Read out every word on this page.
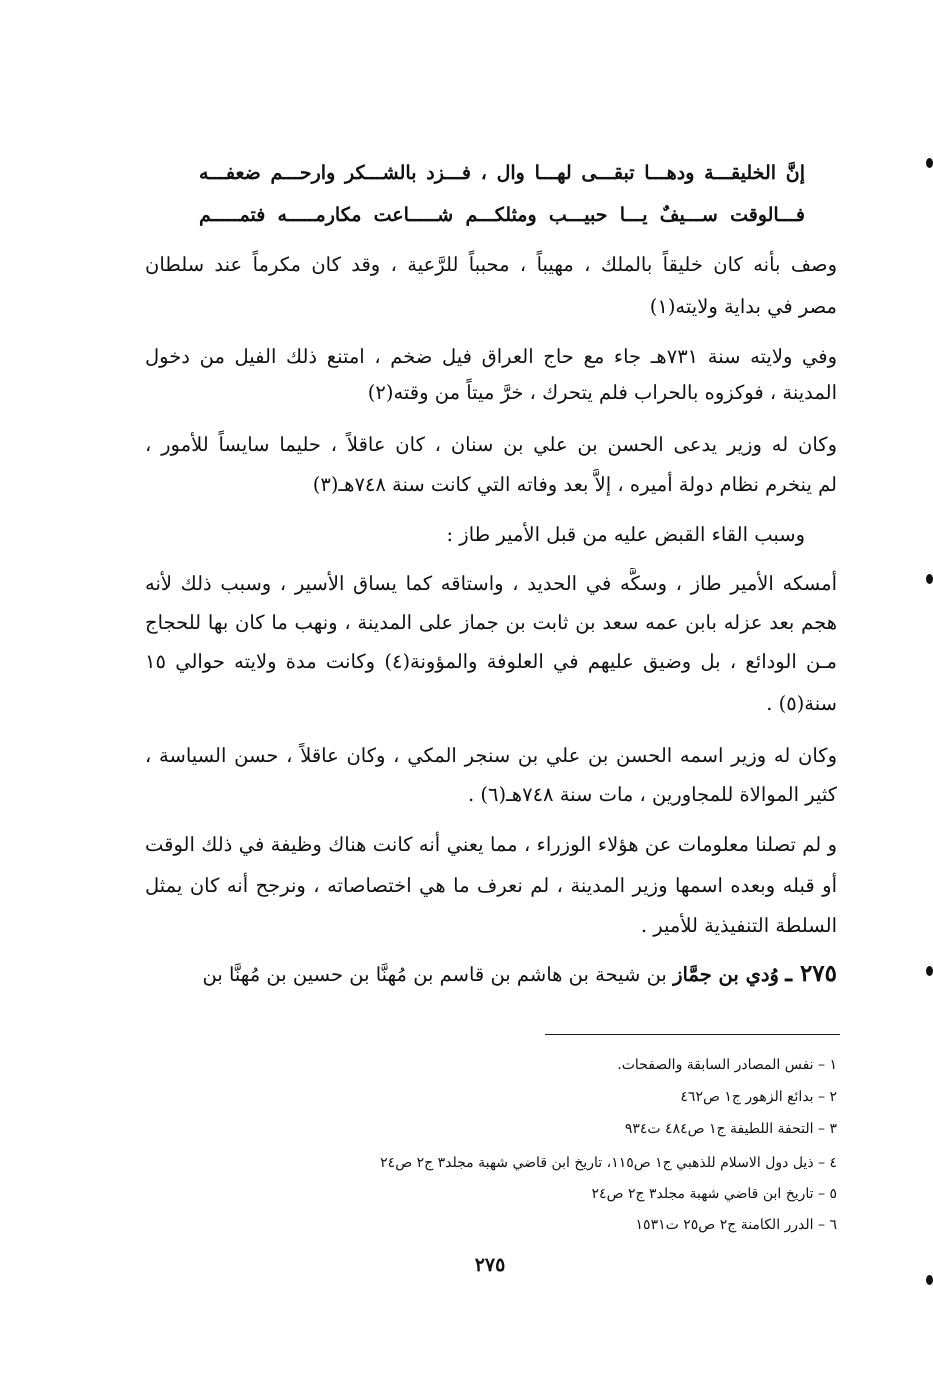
إنَّ الخليقـــة ودهـــا تبقـــى لهـــا وال ، فـــزد بالشـــكر وارحـــم ضعفـــه
فـــالوقت ســـيفٌ يـــا حبيـــب ومثلكـــم شـــــاعت مكارمـــــه فتمـــــم
وصف بأنه كان خليقاً بالملك ، مهيباً ، محبباً للرَّعية ، وقد كان مكرماً عند سلطان
مصر في بداية ولايته(١)
وفي ولايته سنة ٧٣١هـ جاء مع حاج العراق فيل ضخم ، امتنع ذلك الفيل من دخول
المدينة ، فوكزوه بالحراب فلم يتحرك ، خرَّ ميتاً من وقته(٢)
وكان له وزير يدعى الحسن بن علي بن سنان ، كان عاقلاً ، حليما سايساً للأمور ،
لم ينخرم نظام دولة أميره ، إلاَّ بعد وفاته التي كانت سنة ٧٤٨هـ(٣)
وسبب القاء القبض عليه من قبل الأمير طاز :
أمسكه الأمير طاز ، وسكَّه في الحديد ، واستاقه كما يساق الأسير ، وسبب ذلك لأنه
هجم بعد عزله بابن عمه سعد بن ثابت بن جماز على المدينة ، ونهب ما كان بها للحجاج
مـن الودائع ، بل وضيق عليهم في العلوفة والمؤونة(٤) وكانت مدة ولايته حوالي ١٥
سنة(٥) .
وكان له وزير اسمه الحسن بن علي بن سنجر المكي ، وكان عاقلاً ، حسن السياسة ،
كثير الموالاة للمجاورين ، مات سنة ٧٤٨هـ(٦) .
و لم تصلنا معلومات عن هؤلاء الوزراء ، مما يعني أنه كانت هناك وظيفة في ذلك الوقت
أو قبله وبعده اسمها وزير المدينة ، لم نعرف ما هي اختصاصاته ، ونرجح أنه كان يمثل
السلطة التنفيذية للأمير .
٢٧٥ ـ وُدي بن جمَّاز بن شيحة بن هاشم بن قاسم بن مُهنَّا بن حسين بن مُهنَّا بن
١ – نفس المصادر السابقة والصفحات.
٢ – بدائع الزهور ج١ ص٤٦٢
٣ – التحفة اللطيفة ج١ ص٤٨٤ ت٩٣٤
٤ – ذيل دول الاسلام للذهبي ج١ ص١١٥، تاريخ ابن قاضي شهبة مجلد٣ ج٢ ص٢٤
٥ – تاريخ ابن قاضي شهبة مجلد٣ ج٢ ص٢٤
٦ – الدرر الكامنة ج٢ ص٢٥ ت١٥٣١
٢٧٥
